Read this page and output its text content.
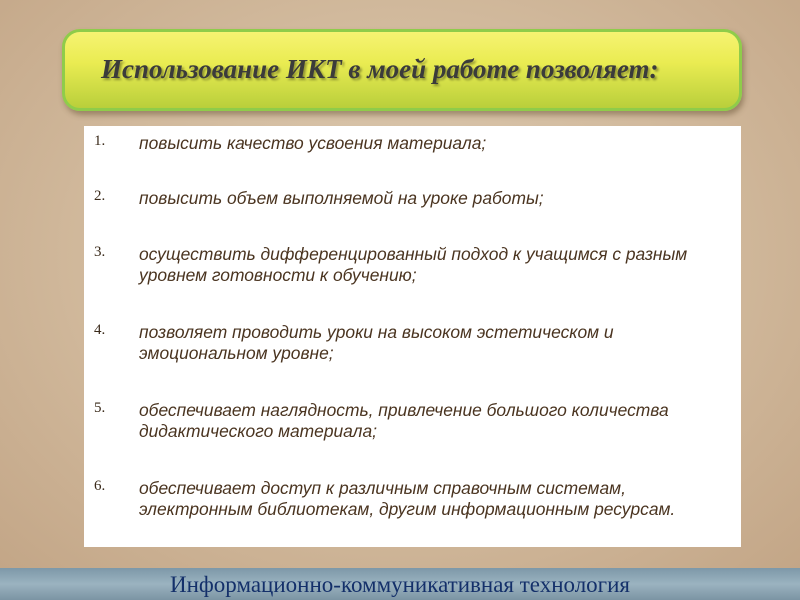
Использование ИКТ в моей работе позволяет:
1. повысить качество усвоения материала;
2. повысить объем выполняемой на уроке работы;
3. осуществить дифференцированный подход к учащимся с разным уровнем готовности к обучению;
4. позволяет проводить уроки на высоком эстетическом и эмоциональном уровне;
5. обеспечивает наглядность, привлечение большого количества дидактического материала;
6. обеспечивает доступ к различным справочным системам, электронным библиотекам, другим информационным ресурсам.
Информационно-коммуникативная технология
